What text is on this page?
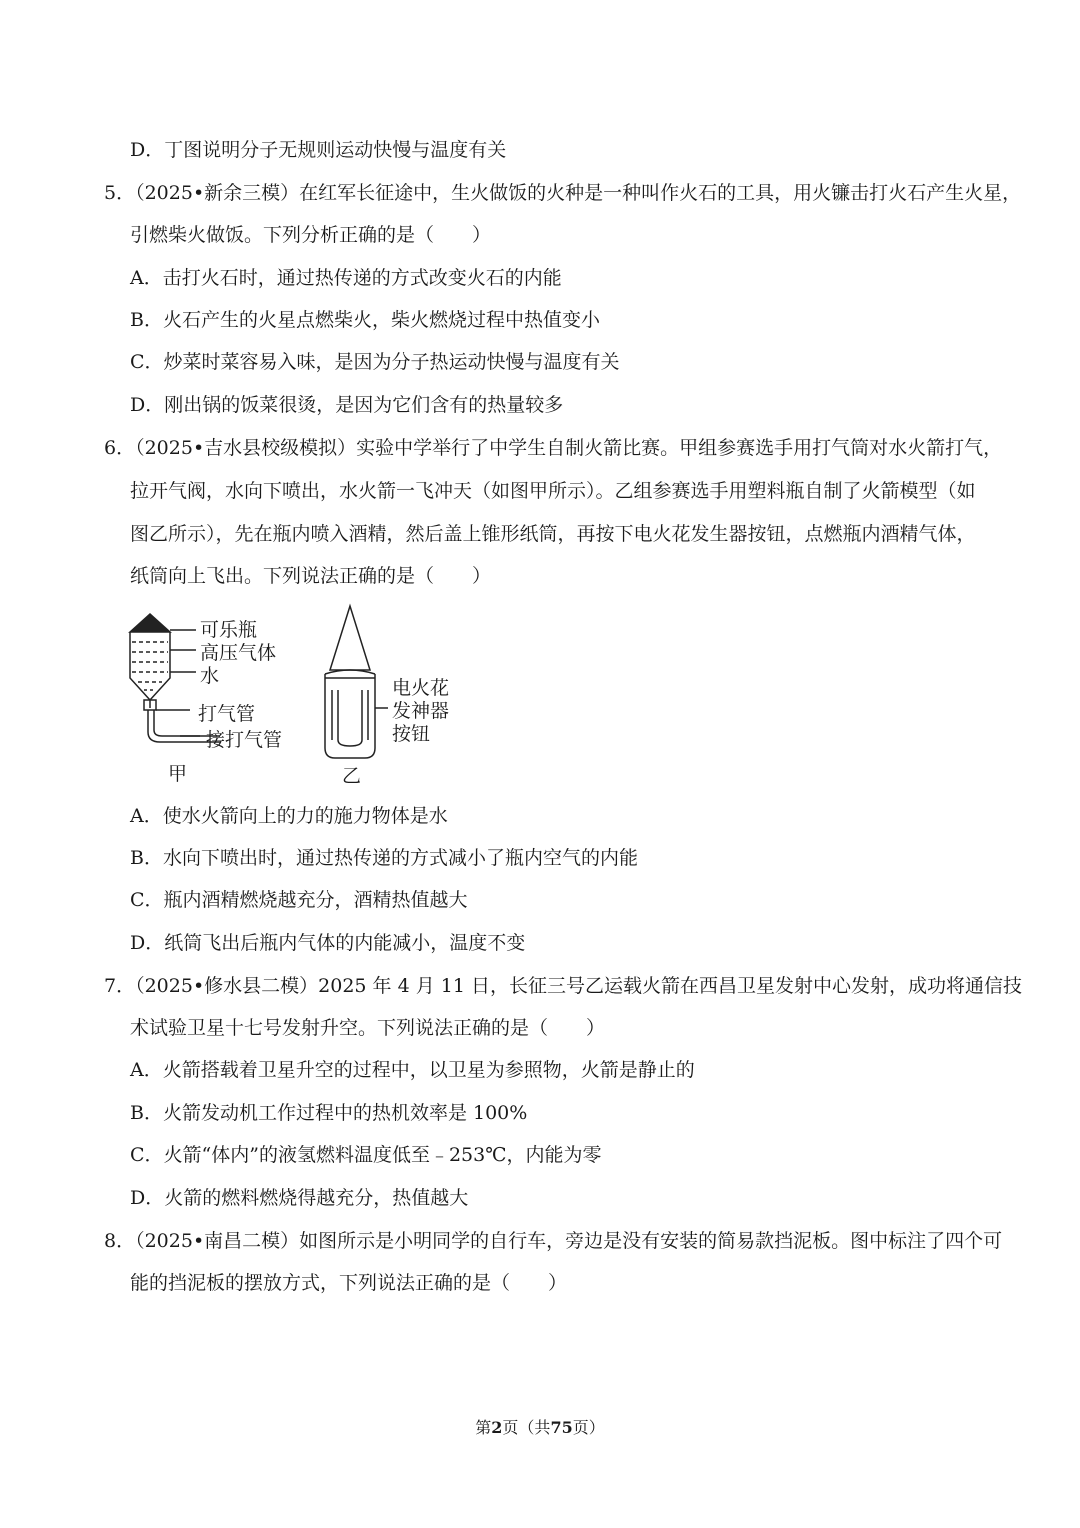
D．丁图说明分子无规则运动快慢与温度有关
5．（2025•新余三模）在红军长征途中，生火做饭的火种是一种叫作火石的工具，用火镰击打火石产生火星，
引燃柴火做饭。下列分析正确的是（　　）
A．击打火石时，通过热传递的方式改变火石的内能
B．火石产生的火星点燃柴火，柴火燃烧过程中热值变小
C．炒菜时菜容易入味，是因为分子热运动快慢与温度有关
D．刚出锅的饭菜很烫，是因为它们含有的热量较多
6．（2025•吉水县校级模拟）实验中学举行了中学生自制火箭比赛。甲组参赛选手用打气筒对水火箭打气，
拉开气阀，水向下喷出，水火箭一飞冲天（如图甲所示）。乙组参赛选手用塑料瓶自制了火箭模型（如
图乙所示），先在瓶内喷入酒精，然后盖上锥形纸筒，再按下电火花发生器按钮，点燃瓶内酒精气体，
纸筒向上飞出。下列说法正确的是（　　）
可乐瓶
高压气体
水
打气管
接打气管
甲
电火花
发神器
按钮
乙
A．使水火箭向上的力的施力物体是水
B．水向下喷出时，通过热传递的方式减小了瓶内空气的内能
C．瓶内酒精燃烧越充分，酒精热值越大
D．纸筒飞出后瓶内气体的内能减小，温度不变
7．（2025•修水县二模）2025 年 4 月 11 日，长征三号乙运载火箭在西昌卫星发射中心发射，成功将通信技
术试验卫星十七号发射升空。下列说法正确的是（　　）
A．火箭搭载着卫星升空的过程中，以卫星为参照物，火箭是静止的
B．火箭发动机工作过程中的热机效率是 100%
C．火箭“体内”的液氢燃料温度低至﹣253℃，内能为零
D．火箭的燃料燃烧得越充分，热值越大
8．（2025•南昌二模）如图所示是小明同学的自行车，旁边是没有安装的简易款挡泥板。图中标注了四个可
能的挡泥板的摆放方式，下列说法正确的是（　　）
第2页（共75页）
